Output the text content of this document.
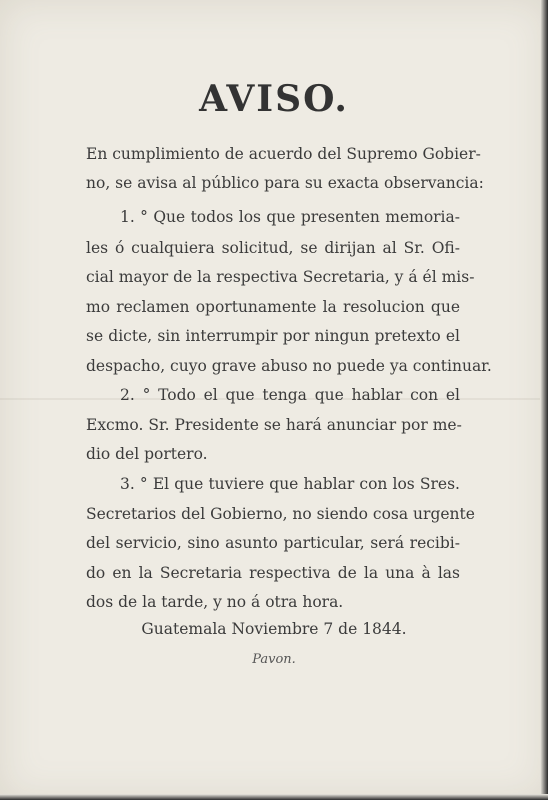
AVISO.
En cumplimiento de acuerdo del Supremo Gobier-
no, se avisa al público para su exacta observancia:
1. ° Que todos los que presenten memoria-
les ó cualquiera solicitud, se dirijan al Sr. Ofi-
cial mayor de la respectiva Secretaria, y á él mis-
mo reclamen oportunamente la resolucion que
se dicte, sin interrumpir por ningun pretexto el
despacho, cuyo grave abuso no puede ya continuar.
2. ° Todo el que tenga que hablar con el
Excmo. Sr. Presidente se hará anunciar por me-
dio del portero.
3. ° El que tuviere que hablar con los Sres.
Secretarios del Gobierno, no siendo cosa urgente
del servicio, sino asunto particular, será recibi-
do en la Secretaria respectiva de la una à las
dos de la tarde, y no á otra hora.
Guatemala Noviembre 7 de 1844.
Pavon.
